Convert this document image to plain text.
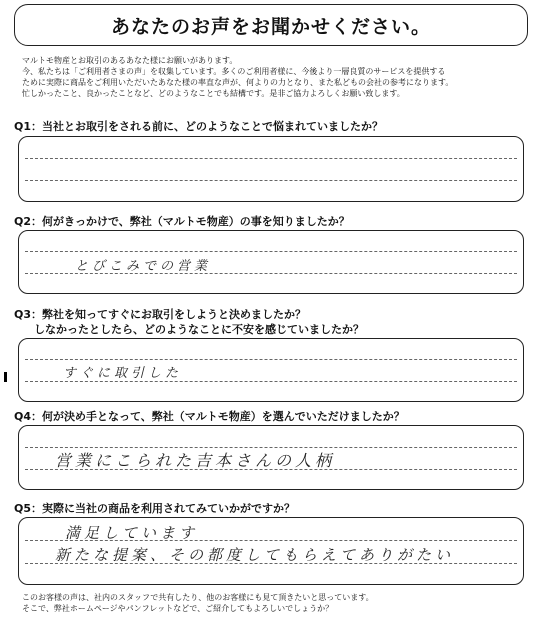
あなたのお声をお聞かせください。
マルトモ物産とお取引のあるあなた様にお願いがあります。
今、私たちは「ご利用者さまの声」を収集しています。多くのご利用者様に、今後より一層良質のサービスを提供する
ために実際に商品をご利用いただいたあなた様の率直な声が、何よりの力となり、また私どもの会社の参考になります。
忙しかったこと、良かったことなど、どのようなことでも結構です。是非ご協力よろしくお願い致します。
Q1：当社とお取引をされる前に、どのようなことで悩まれていましたか？
Q2：何がきっかけで、弊社（マルトモ物産）の事を知りましたか？
とびこみでの営業
Q3：弊社を知ってすぐにお取引をしようと決めましたか？
しなかったとしたら、どのようなことに不安を感じていましたか？
すぐに取引した
Q4：何が決め手となって、弊社（マルトモ物産）を選んでいただけましたか？
営業にこられた吉本さんの人柄
Q5：実際に当社の商品を利用されてみていかがですか？
満足しています
新たな提案、その都度してもらえてありがたい
このお客様の声は、社内のスタッフで共有したり、他のお客様にも見て頂きたいと思っています。
そこで、弊社ホームページやパンフレットなどで、ご紹介してもよろしいでしょうか？
